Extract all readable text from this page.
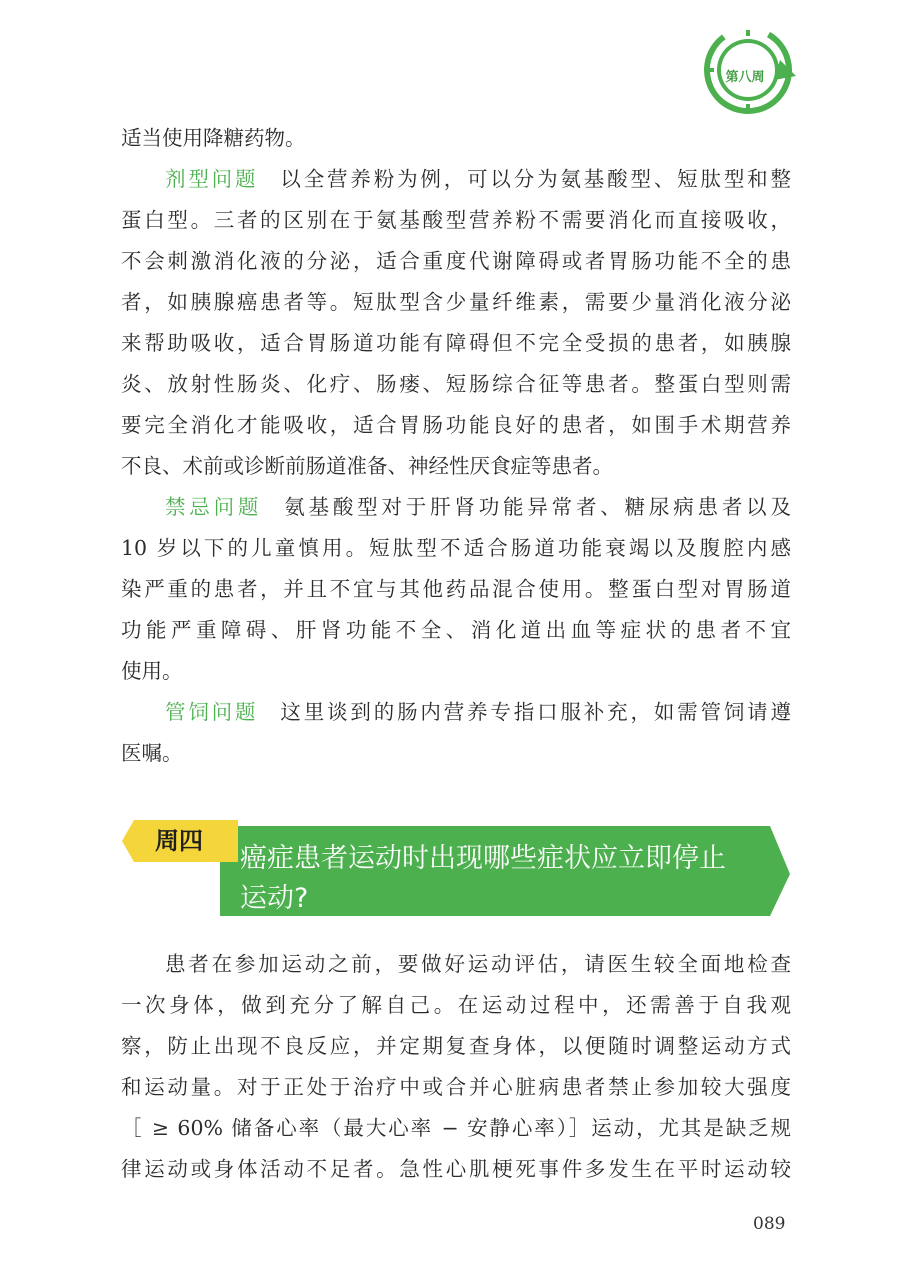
第八周
适当使用降糖药物。
剂型问题 以全营养粉为例，可以分为氨基酸型、短肽型和整
蛋白型。三者的区别在于氨基酸型营养粉不需要消化而直接吸收，
不会刺激消化液的分泌，适合重度代谢障碍或者胃肠功能不全的患
者，如胰腺癌患者等。短肽型含少量纤维素，需要少量消化液分泌
来帮助吸收，适合胃肠道功能有障碍但不完全受损的患者，如胰腺
炎、放射性肠炎、化疗、肠瘘、短肠综合征等患者。整蛋白型则需
要完全消化才能吸收，适合胃肠功能良好的患者，如围手术期营养
不良、术前或诊断前肠道准备、神经性厌食症等患者。
禁忌问题 氨基酸型对于肝肾功能异常者、糖尿病患者以及
10 岁以下的儿童慎用。短肽型不适合肠道功能衰竭以及腹腔内感
染严重的患者，并且不宜与其他药品混合使用。整蛋白型对胃肠道
功能严重障碍、肝肾功能不全、消化道出血等症状的患者不宜
使用。
管饲问题 这里谈到的肠内营养专指口服补充，如需管饲请遵
医嘱。
周四
癌症患者运动时出现哪些症状应立即停止
运动?
患者在参加运动之前，要做好运动评估，请医生较全面地检查
一次身体，做到充分了解自己。在运动过程中，还需善于自我观
察，防止出现不良反应，并定期复查身体，以便随时调整运动方式
和运动量。对于正处于治疗中或合并心脏病患者禁止参加较大强度
［ ≥ 60% 储备心率（最大心率 − 安静心率）］运动，尤其是缺乏规
律运动或身体活动不足者。急性心肌梗死事件多发生在平时运动较
089
